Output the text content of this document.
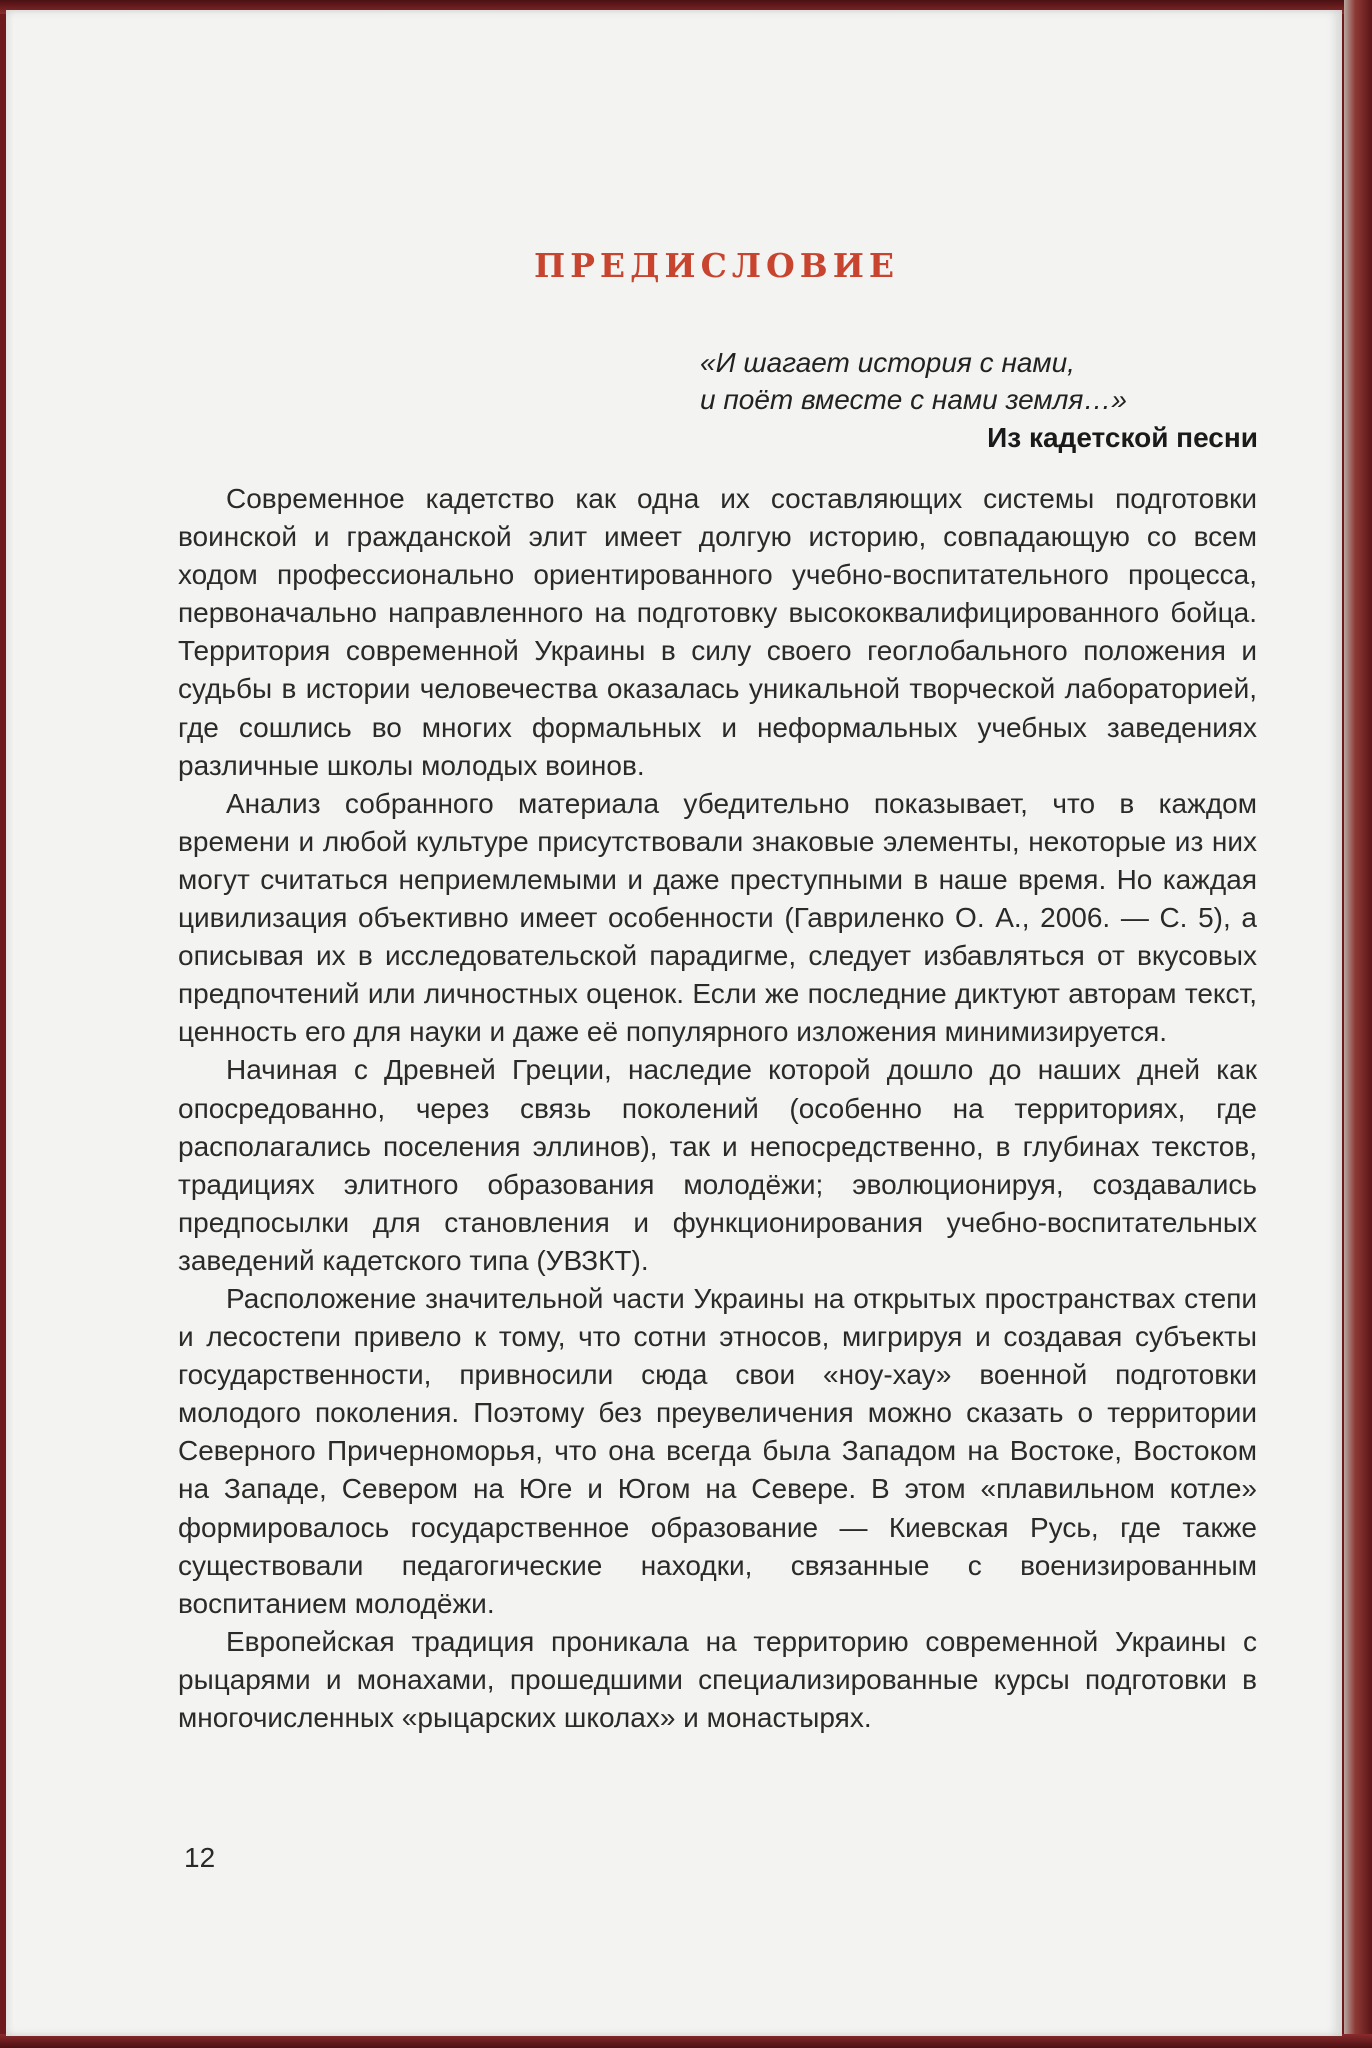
ПРЕДИСЛОВИЕ
«И шагает история с нами,
и поёт вместе с нами земля…»
Из кадетской песни

Современное кадетство как одна их составляющих системы подготовки воинской и гражданской элит имеет долгую историю, совпадающую со всем ходом профессионально ориентированного учебно-воспитательного процесса, первоначально направленного на подготовку высококвалифицированного бойца. Территория современной Украины в силу своего геоглобального положения и судьбы в истории человечества оказалась уникальной творческой лабораторией, где сошлись во многих формальных и неформальных учебных заведениях различные школы молодых воинов.

Анализ собранного материала убедительно показывает, что в каждом времени и любой культуре присутствовали знаковые элементы, некоторые из них могут считаться неприемлемыми и даже преступными в наше время. Но каждая цивилизация объективно имеет особенности (Гавриленко О. А., 2006. — С. 5), а описывая их в исследовательской парадигме, следует избавляться от вкусовых предпочтений или личностных оценок. Если же последние диктуют авторам текст, ценность его для науки и даже её популярного изложения минимизируется.

Начиная с Древней Греции, наследие которой дошло до наших дней как опосредованно, через связь поколений (особенно на территориях, где располагались поселения эллинов), так и непосредственно, в глубинах текстов, традициях элитного образования молодёжи; эволюционируя, создавались предпосылки для становления и функционирования учебно-воспитательных заведений кадетского типа (УВЗКТ).

Расположение значительной части Украины на открытых пространствах степи и лесостепи привело к тому, что сотни этносов, мигрируя и создавая субъекты государственности, привносили сюда свои «ноу-хау» военной подготовки молодого поколения. Поэтому без преувеличения можно сказать о территории Северного Причерноморья, что она всегда была Западом на Востоке, Востоком на Западе, Севером на Юге и Югом на Севере. В этом «плавильном котле» формировалось государственное образование — Киевская Русь, где также существовали педагогические находки, связанные с военизированным воспитанием молодёжи.

Европейская традиция проникала на территорию современной Украины с рыцарями и монахами, прошедшими специализированные курсы подготовки в многочисленных «рыцарских школах» и монастырях.

12
